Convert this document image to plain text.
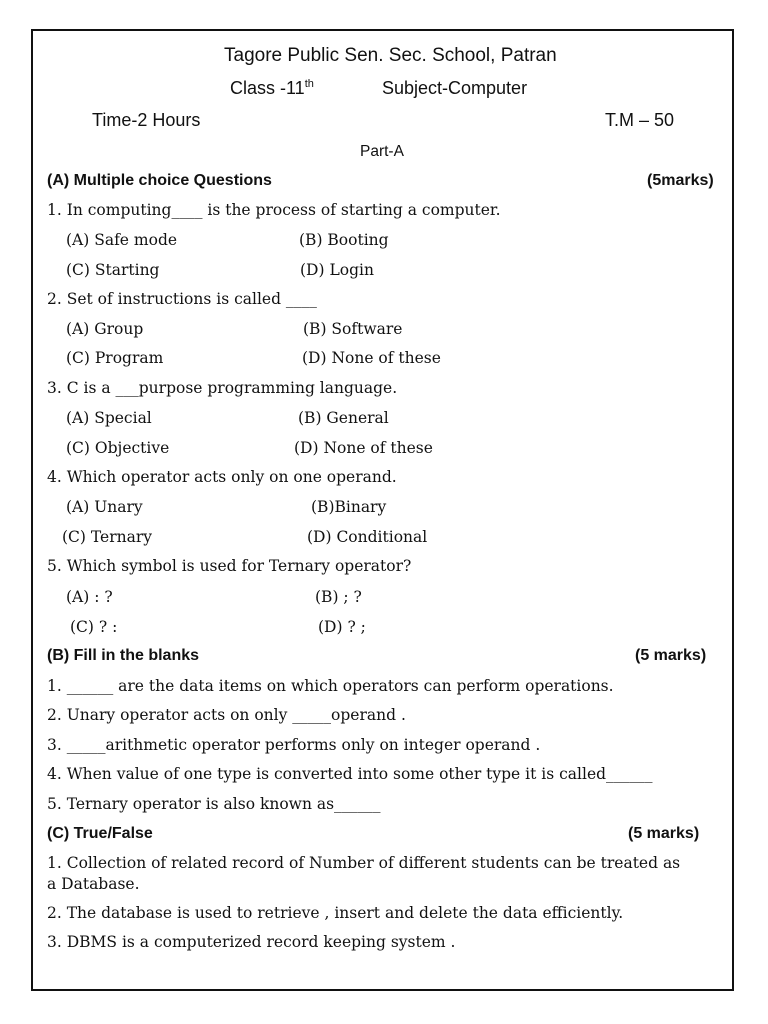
Tagore Public Sen. Sec. School, Patran
Class -11th	Subject-Computer
Time-2 Hours	T.M – 50
Part-A
(A) Multiple choice Questions	(5marks)
1. In computing____ is the process of starting a computer.
(A) Safe mode	(B) Booting
(C) Starting	(D) Login
2. Set of instructions is called ____
(A) Group	(B) Software
(C) Program	(D) None of these
3. C is a ___purpose programming language.
(A) Special	(B) General
(C) Objective	(D) None of these
4. Which operator acts only on one operand.
(A) Unary	(B)Binary
(C) Ternary	(D) Conditional
5. Which symbol is used for Ternary operator?
(A) : ?	(B) ; ?
(C) ? :	(D) ? ;
(B) Fill in the blanks	(5 marks)
1. ______ are the data items on which operators can perform operations.
2. Unary operator acts on only _____operand .
3. _____arithmetic operator performs only on integer operand .
4. When value of one type is converted into some other type it is called______
5. Ternary operator is also known as______
(C) True/False	(5 marks)
1. Collection of related record of Number of different students can be treated as a Database.
2. The database is used to retrieve , insert and delete the data efficiently.
3. DBMS is a computerized record keeping system .
